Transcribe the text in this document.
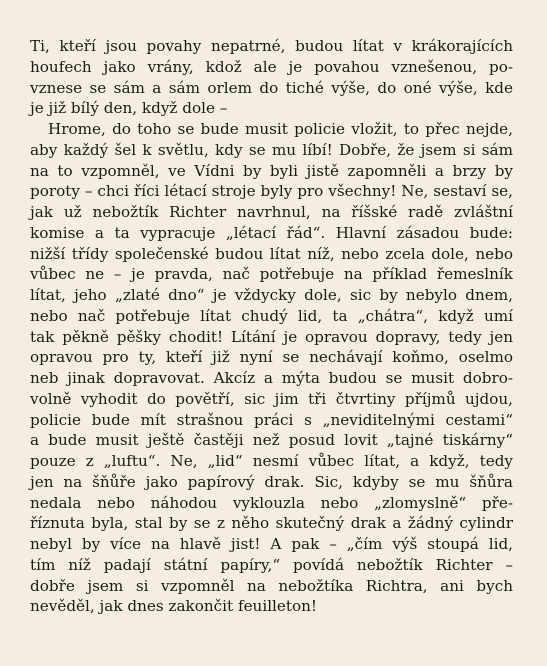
Ti, kteří jsou povahy nepatrné, budou lítat v krákorajících
houfech jako vrány, kdož ale je povahou vznešenou, po-
vznese se sám a sám orlem do tiché výše, do oné výše, kde
je již bílý den, když dole –
Hrome, do toho se bude musit policie vložit, to přec nejde,
aby každý šel k světlu, kdy se mu líbí! Dobře, že jsem si sám
na to vzpomněl, ve Vídni by byli jistě zapomněli a brzy by
poroty – chci říci létací stroje byly pro všechny! Ne, sestaví se,
jak už nebožtík Richter navrhnul, na říšské radě zvláštní
komise a ta vypracuje „létací řád“. Hlavní zásadou bude:
nižší třídy společenské budou lítat níž, nebo zcela dole, nebo
vůbec ne – je pravda, nač potřebuje na příklad řemeslník
lítat, jeho „zlaté dno“ je vždycky dole, sic by nebylo dnem,
nebo nač potřebuje lítat chudý lid, ta „chátra“, když umí
tak pěkně pěšky chodit! Lítání je opravou dopravy, tedy jen
opravou pro ty, kteří již nyní se nechávají koňmo, oselmo
neb jinak dopravovat. Akcíz a mýta budou se musit dobro-
volně vyhodit do povětří, sic jim tři čtvrtiny příjmů ujdou,
policie bude mít strašnou práci s „neviditelnými cestami“
a bude musit ještě častěji než posud lovit „tajné tiskárny“
pouze z „luftu“. Ne, „lid“ nesmí vůbec lítat, a když, tedy
jen na šňůře jako papírový drak. Sic, kdyby se mu šňůra
nedala nebo náhodou vyklouzla nebo „zlomyslně“ pře-
říznuta byla, stal by se z něho skutečný drak a žádný cylindr
nebyl by více na hlavě jist! A pak – „čím výš stoupá lid,
tím níž padají státní papíry,“ povídá nebožtík Richter –
dobře jsem si vzpomněl na nebožtíka Richtra, ani bych
nevěděl, jak dnes zakončit feuilleton!
